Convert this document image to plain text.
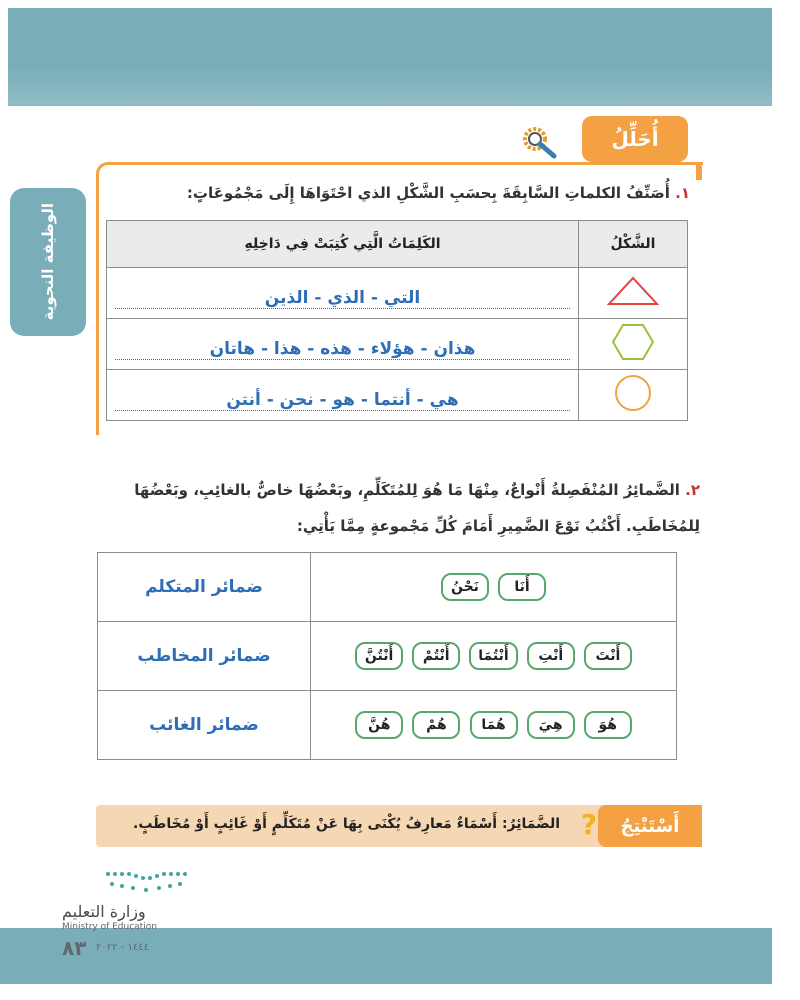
الوظيفة النحوية
أُحَلِّلُ
١. أُصَنِّفُ الكلماتِ السَّابِقَةَ بِحسَبِ الشَّكْلِ الذي احْتَوَاهَا إِلَى مَجْمُوعَاتٍ:
الشَّكْلُ	الكَلِمَاتُ الَّتِي كُتِبَتْ فِي دَاخِلِهِ

التي - الذي - الذين

هذان - هؤلاء - هذه - هذا - هاتان

هي - أنتما - هو - نحن - أنتن
٢. الضَّمائِرُ المُنْفَصِلةُ أَنْواعٌ، مِنْهَا مَا هُوَ لِلمُتَكَلِّمِ، وبَعْضُهَا خاصٌّ بالغائِبِ، وبَعْضُهَا لِلمُخَاطَبِ. أَكْتُبُ نَوْعَ الضَّمِيرِ أَمَامَ كُلِّ مَجْموعةٍ مِمَّا يَأْتِي:
أَنَا نَحْنُ	ضمائر المتكلم
أَنْتَ أَنْتِ أَنْتُمَا أَنْتُمْ أَنْتُنَّ	ضمائر المخاطب
هُوَ هِيَ هُمَا هُمْ هُنَّ	ضمائر الغائب
أَسْتَنْتِجُ
?
الضَّمَائِرُ: أَسْمَاءٌ مَعارِفُ يُكْنَى بِهَا عَنْ مُتَكَلِّمٍ أَوْ غَائِبٍ أَوْ مُخَاطَبٍ.
وزارة التعليم
Ministry of Education
٨٣ ١٤٤٤ - ٢٠٢٢
